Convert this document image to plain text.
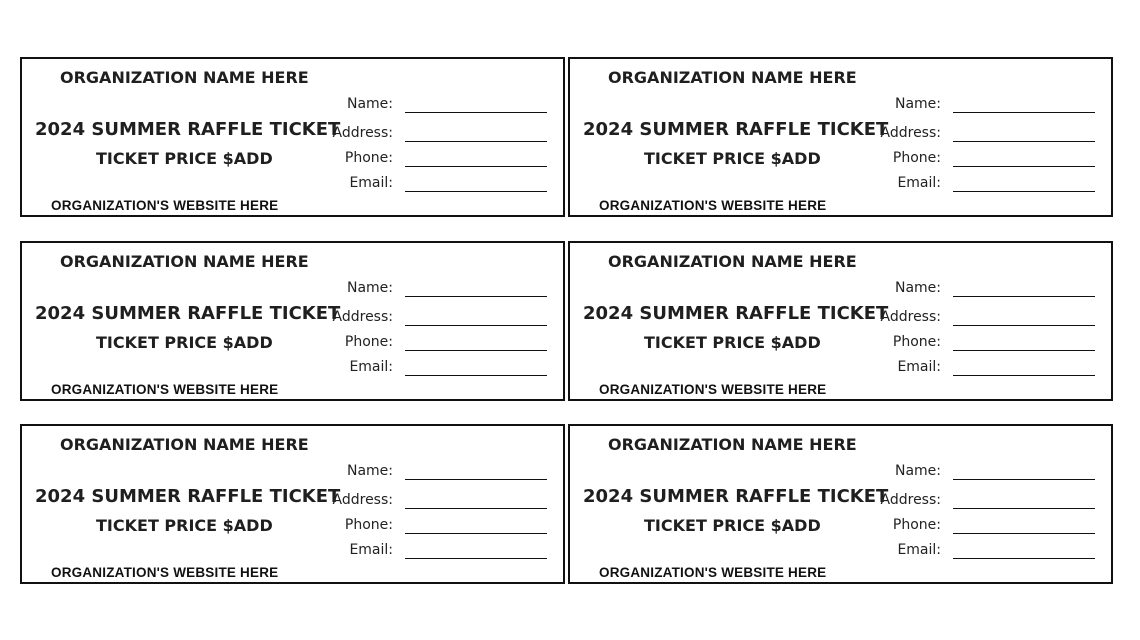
ORGANIZATION NAME HERE
2024 SUMMER RAFFLE TICKET
TICKET PRICE $ADD
ORGANIZATION'S WEBSITE HERE
Name:
Address:
Phone:
Email:
ORGANIZATION NAME HERE
2024 SUMMER RAFFLE TICKET
TICKET PRICE $ADD
ORGANIZATION'S WEBSITE HERE
Name:
Address:
Phone:
Email:
ORGANIZATION NAME HERE
2024 SUMMER RAFFLE TICKET
TICKET PRICE $ADD
ORGANIZATION'S WEBSITE HERE
Name:
Address:
Phone:
Email:
ORGANIZATION NAME HERE
2024 SUMMER RAFFLE TICKET
TICKET PRICE $ADD
ORGANIZATION'S WEBSITE HERE
Name:
Address:
Phone:
Email:
ORGANIZATION NAME HERE
2024 SUMMER RAFFLE TICKET
TICKET PRICE $ADD
ORGANIZATION'S WEBSITE HERE
Name:
Address:
Phone:
Email:
ORGANIZATION NAME HERE
2024 SUMMER RAFFLE TICKET
TICKET PRICE $ADD
ORGANIZATION'S WEBSITE HERE
Name:
Address:
Phone:
Email:
